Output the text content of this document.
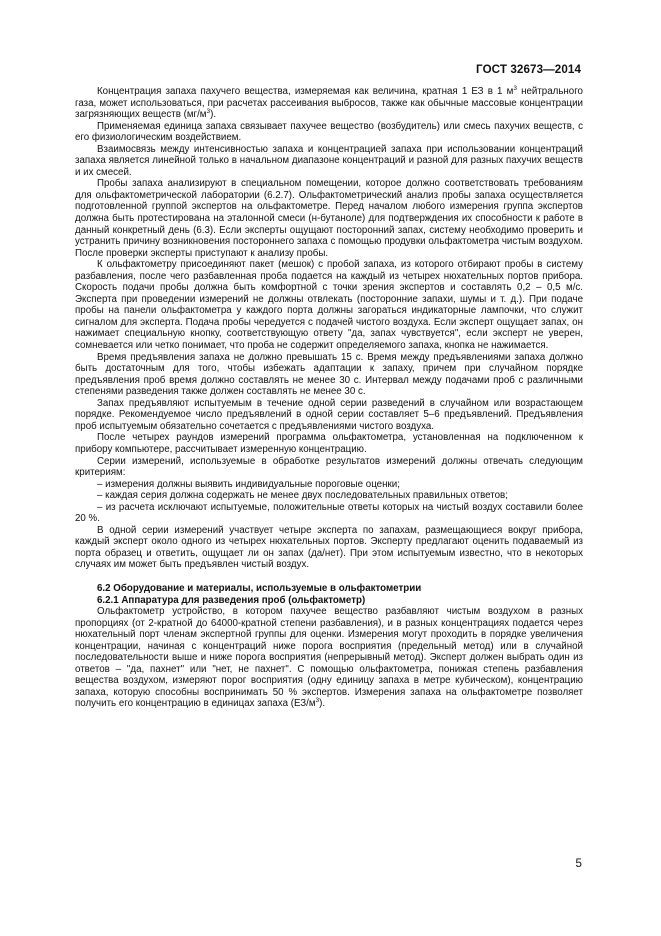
ГОСТ 32673—2014

Концентрация запаха пахучего вещества, измеряемая как величина, кратная 1 ЕЗ в 1 $м^3$ нейтрального газа, может использоваться, при расчетах рассеивания выбросов, также как обычные массовые концентрации загрязняющих веществ $(мг/м^3)$.

Применяемая единица запаха связывает пахучее вещество (возбудитель) или смесь пахучих веществ, с его физиологическим воздействием.

Взаимосвязь между интенсивностью запаха и концентрацией запаха при использовании концентраций запаха является линейной только в начальном диапазоне концентраций и разной для разных пахучих веществ и их смесей.

Пробы запаха анализируют в специальном помещении, которое должно соответствовать требованиям для ольфактометрической лаборатории (6.2.7). Ольфактометрический анализ пробы запаха осуществляется подготовленной группой экспертов на ольфактометре. Перед началом любого измерения группа экспертов должна быть протестирована на эталонной смеси (н-бутаноле) для подтверждения их способности к работе в данный конкретный день (6.3). Если эксперты ощущают посторонний запах, систему необходимо проверить и устранить причину возникновения постороннего запаха с помощью продувки ольфактометра чистым воздухом. После проверки эксперты приступают к анализу пробы.

К ольфактометру присоединяют пакет (мешок) с пробой запаха, из которого отбирают пробы в систему разбавления, после чего разбавленная проба подается на каждый из четырех нюхательных портов прибора. Скорость подачи пробы должна быть комфортной с точки зрения экспертов и составлять 0,2 – 0,5 м/с. Эксперта при проведении измерений не должны отвлекать (посторонние запахи, шумы и т. д.). При подаче пробы на панели ольфактометра у каждого порта должны загораться индикаторные лампочки, что служит сигналом для эксперта. Подача пробы чередуется с подачей чистого воздуха. Если эксперт ощущает запах, он нажимает специальную кнопку, соответствующую ответу "да, запах чувствуется", если эксперт не уверен, сомневается или четко понимает, что проба не содержит определяемого запаха, кнопка не нажимается.

Время предъявления запаха не должно превышать 15 с. Время между предъявлениями запаха должно быть достаточным для того, чтобы избежать адаптации к запаху, причем при случайном порядке предъявления проб время должно составлять не менее 30 с. Интервал между подачами проб с различными степенями разведения также должен составлять не менее 30 с.

Запах предъявляют испытуемым в течение одной серии разведений в случайном или возрастающем порядке. Рекомендуемое число предъявлений в одной серии составляет 5–6 предъявлений. Предъявления проб испытуемым обязательно сочетается с предъявлениями чистого воздуха.

После четырех раундов измерений программа ольфактометра, установленная на подключенном к прибору компьютере, рассчитывает измеренную концентрацию.

Серии измерений, используемые в обработке результатов измерений должны отвечать следующим критериям:

– измерения должны выявить индивидуальные пороговые оценки;

– каждая серия должна содержать не менее двух последовательных правильных ответов;

– из расчета исключают испытуемые, положительные ответы которых на чистый воздух составили более 20 %.

В одной серии измерений участвует четыре эксперта по запахам, размещающиеся вокруг прибора, каждый эксперт около одного из четырех нюхательных портов. Эксперту предлагают оценить подаваемый из порта образец и ответить, ощущает ли он запах (да/нет). При этом испытуемым известно, что в некоторых случаях им может быть предъявлен чистый воздух.

6.2 Оборудование и материалы, используемые в ольфактометрии

6.2.1 Аппаратура для разведения проб (ольфактометр)

Ольфактометр устройство, в котором пахучее вещество разбавляют чистым воздухом в разных пропорциях (от 2-кратной до 64000-кратной степени разбавления), и в разных концентрациях подается через нюхательный порт членам экспертной группы для оценки. Измерения могут проходить в порядке увеличения концентрации, начиная с концентраций ниже порога восприятия (предельный метод) или в случайной последовательности выше и ниже порога восприятия (непрерывный метод). Эксперт должен выбрать один из ответов – "да, пахнет" или "нет, не пахнет". С помощью ольфактометра, понижая степень разбавления вещества воздухом, измеряют порог восприятия (одну единицу запаха в метре кубическом), концентрацию запаха, которую способны воспринимать 50 % экспертов. Измерения запаха на ольфактометре позволяет получить его концентрацию в единицах запаха $(ЕЗ/м^3)$.

5
